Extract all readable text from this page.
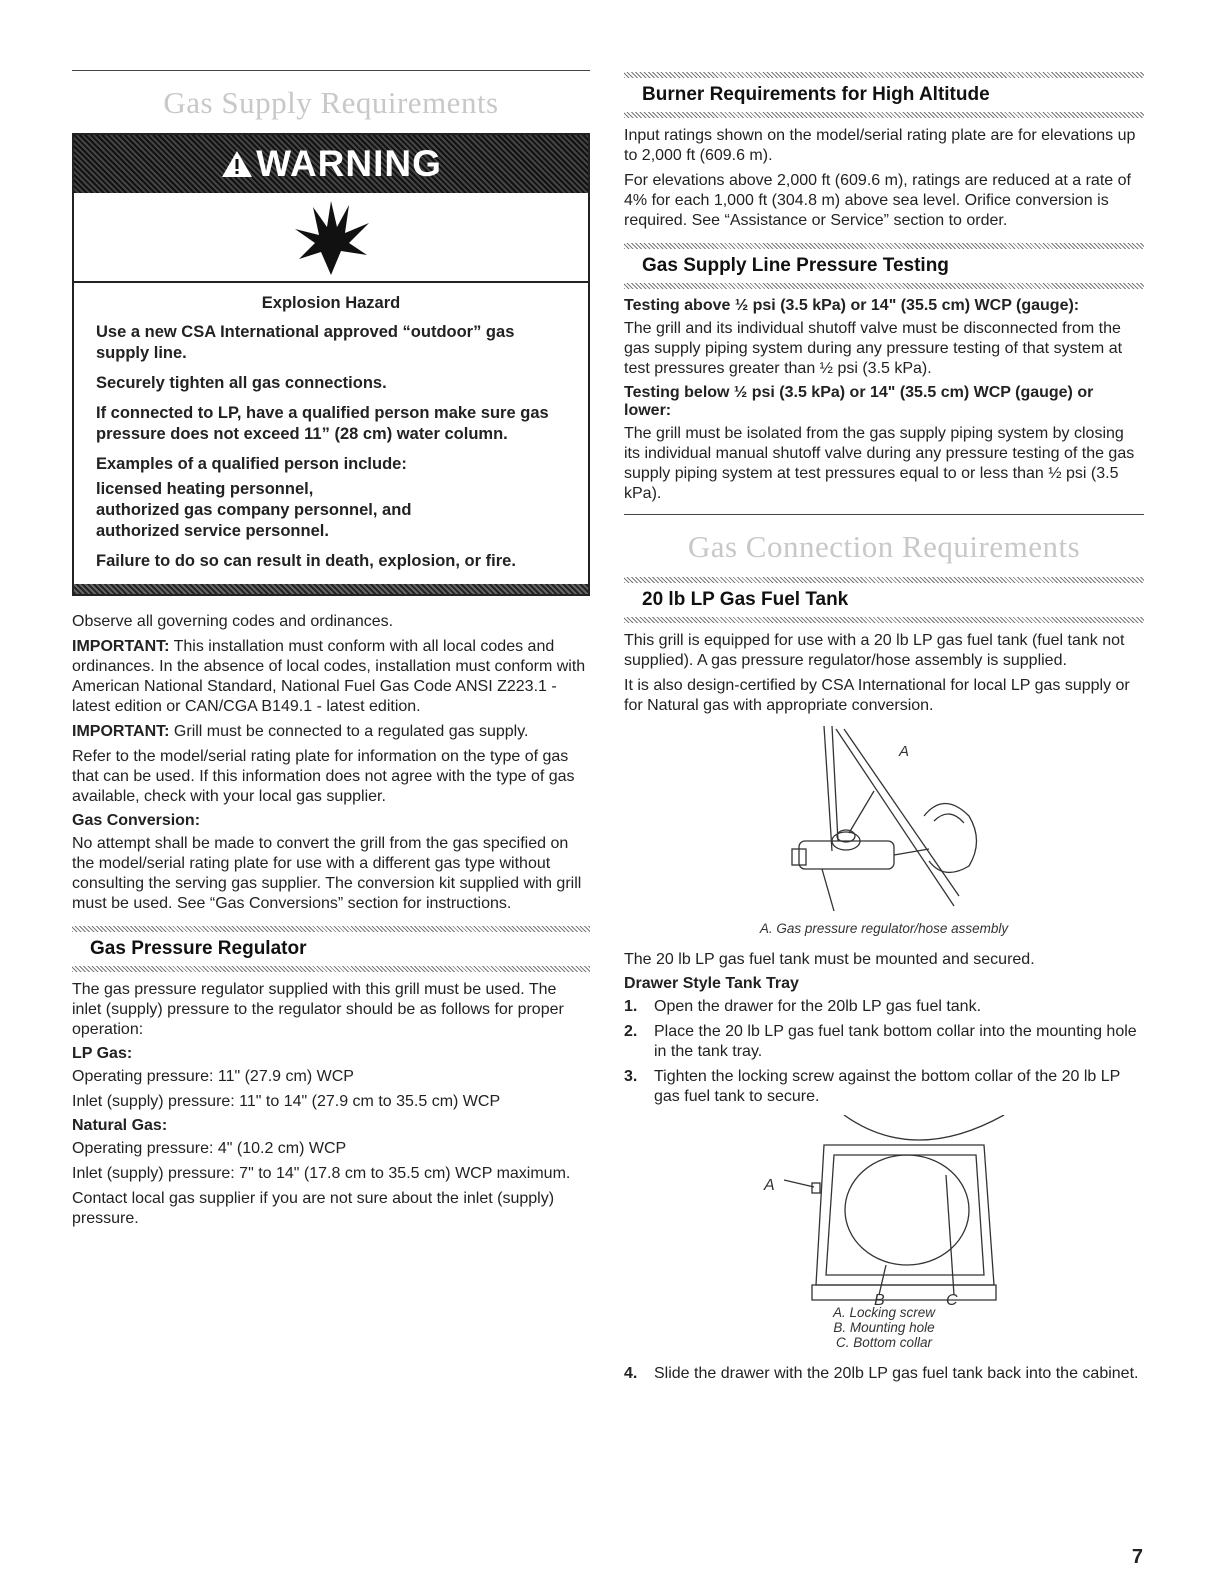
Gas Supply Requirements
WARNING
Explosion Hazard

Use a new CSA International approved “outdoor” gas supply line.

Securely tighten all gas connections.

If connected to LP, have a qualified person make sure gas pressure does not exceed 11” (28 cm) water column.

Examples of a qualified person include:

licensed heating personnel,
authorized gas company personnel, and

authorized service personnel.

Failure to do so can result in death, explosion, or fire.

Observe all governing codes and ordinances.

IMPORTANT: This installation must conform with all local codes and ordinances. In the absence of local codes, installation must conform with American National Standard, National Fuel Gas Code ANSI Z223.1 - latest edition or CAN/CGA B149.1 - latest edition.

IMPORTANT: Grill must be connected to a regulated gas supply.

Refer to the model/serial rating plate for information on the type of gas that can be used. If this information does not agree with the type of gas available, check with your local gas supplier.

Gas Conversion:

No attempt shall be made to convert the grill from the gas specified on the model/serial rating plate for use with a different gas type without consulting the serving gas supplier. The conversion kit supplied with grill must be used. See “Gas Conversions” section for instructions.

Gas Pressure Regulator

The gas pressure regulator supplied with this grill must be used. The inlet (supply) pressure to the regulator should be as follows for proper operation:

LP Gas:

Operating pressure: 11" (27.9 cm) WCP

Inlet (supply) pressure: 11" to 14" (27.9 cm to 35.5 cm) WCP

Natural Gas:

Operating pressure: 4" (10.2 cm) WCP

Inlet (supply) pressure: 7" to 14" (17.8 cm to 35.5 cm) WCP maximum.

Contact local gas supplier if you are not sure about the inlet (supply) pressure.

Burner Requirements for High Altitude

Input ratings shown on the model/serial rating plate are for elevations up to 2,000 ft (609.6 m).

For elevations above 2,000 ft (609.6 m), ratings are reduced at a rate of 4% for each 1,000 ft (304.8 m) above sea level. Orifice conversion is required. See “Assistance or Service” section to order.

Gas Supply Line Pressure Testing
Testing above ½ psi (3.5 kPa) or 14" (35.5 cm) WCP (gauge):

The grill and its individual shutoff valve must be disconnected from the gas supply piping system during any pressure testing of that system at test pressures greater than ½ psi (3.5 kPa).

Testing below ½ psi (3.5 kPa) or 14" (35.5 cm) WCP (gauge) or lower:

The grill must be isolated from the gas supply piping system by closing its individual manual shutoff valve during any pressure testing of the gas supply piping system at test pressures equal to or less than ½ psi (3.5 kPa).

Gas Connection Requirements
20 lb LP Gas Fuel Tank

This grill is equipped for use with a 20 lb LP gas fuel tank (fuel tank not supplied). A gas pressure regulator/hose assembly is supplied.

It is also design-certified by CSA International for local LP gas supply or for Natural gas with appropriate conversion.

A
A. Gas pressure regulator/hose assembly

The 20 lb LP gas fuel tank must be mounted and secured.

Drawer Style Tank Tray
1. Open the drawer for the 20lb LP gas fuel tank.
2. Place the 20 lb LP gas fuel tank bottom collar into the mounting hole in the tank tray.
3. Tighten the locking screw against the bottom collar of the 20 lb LP gas fuel tank to secure.
A
B	C
A. Locking screw
B. Mounting hole
C. Bottom collar
4. Slide the drawer with the 20lb LP gas fuel tank back into the cabinet.
7
